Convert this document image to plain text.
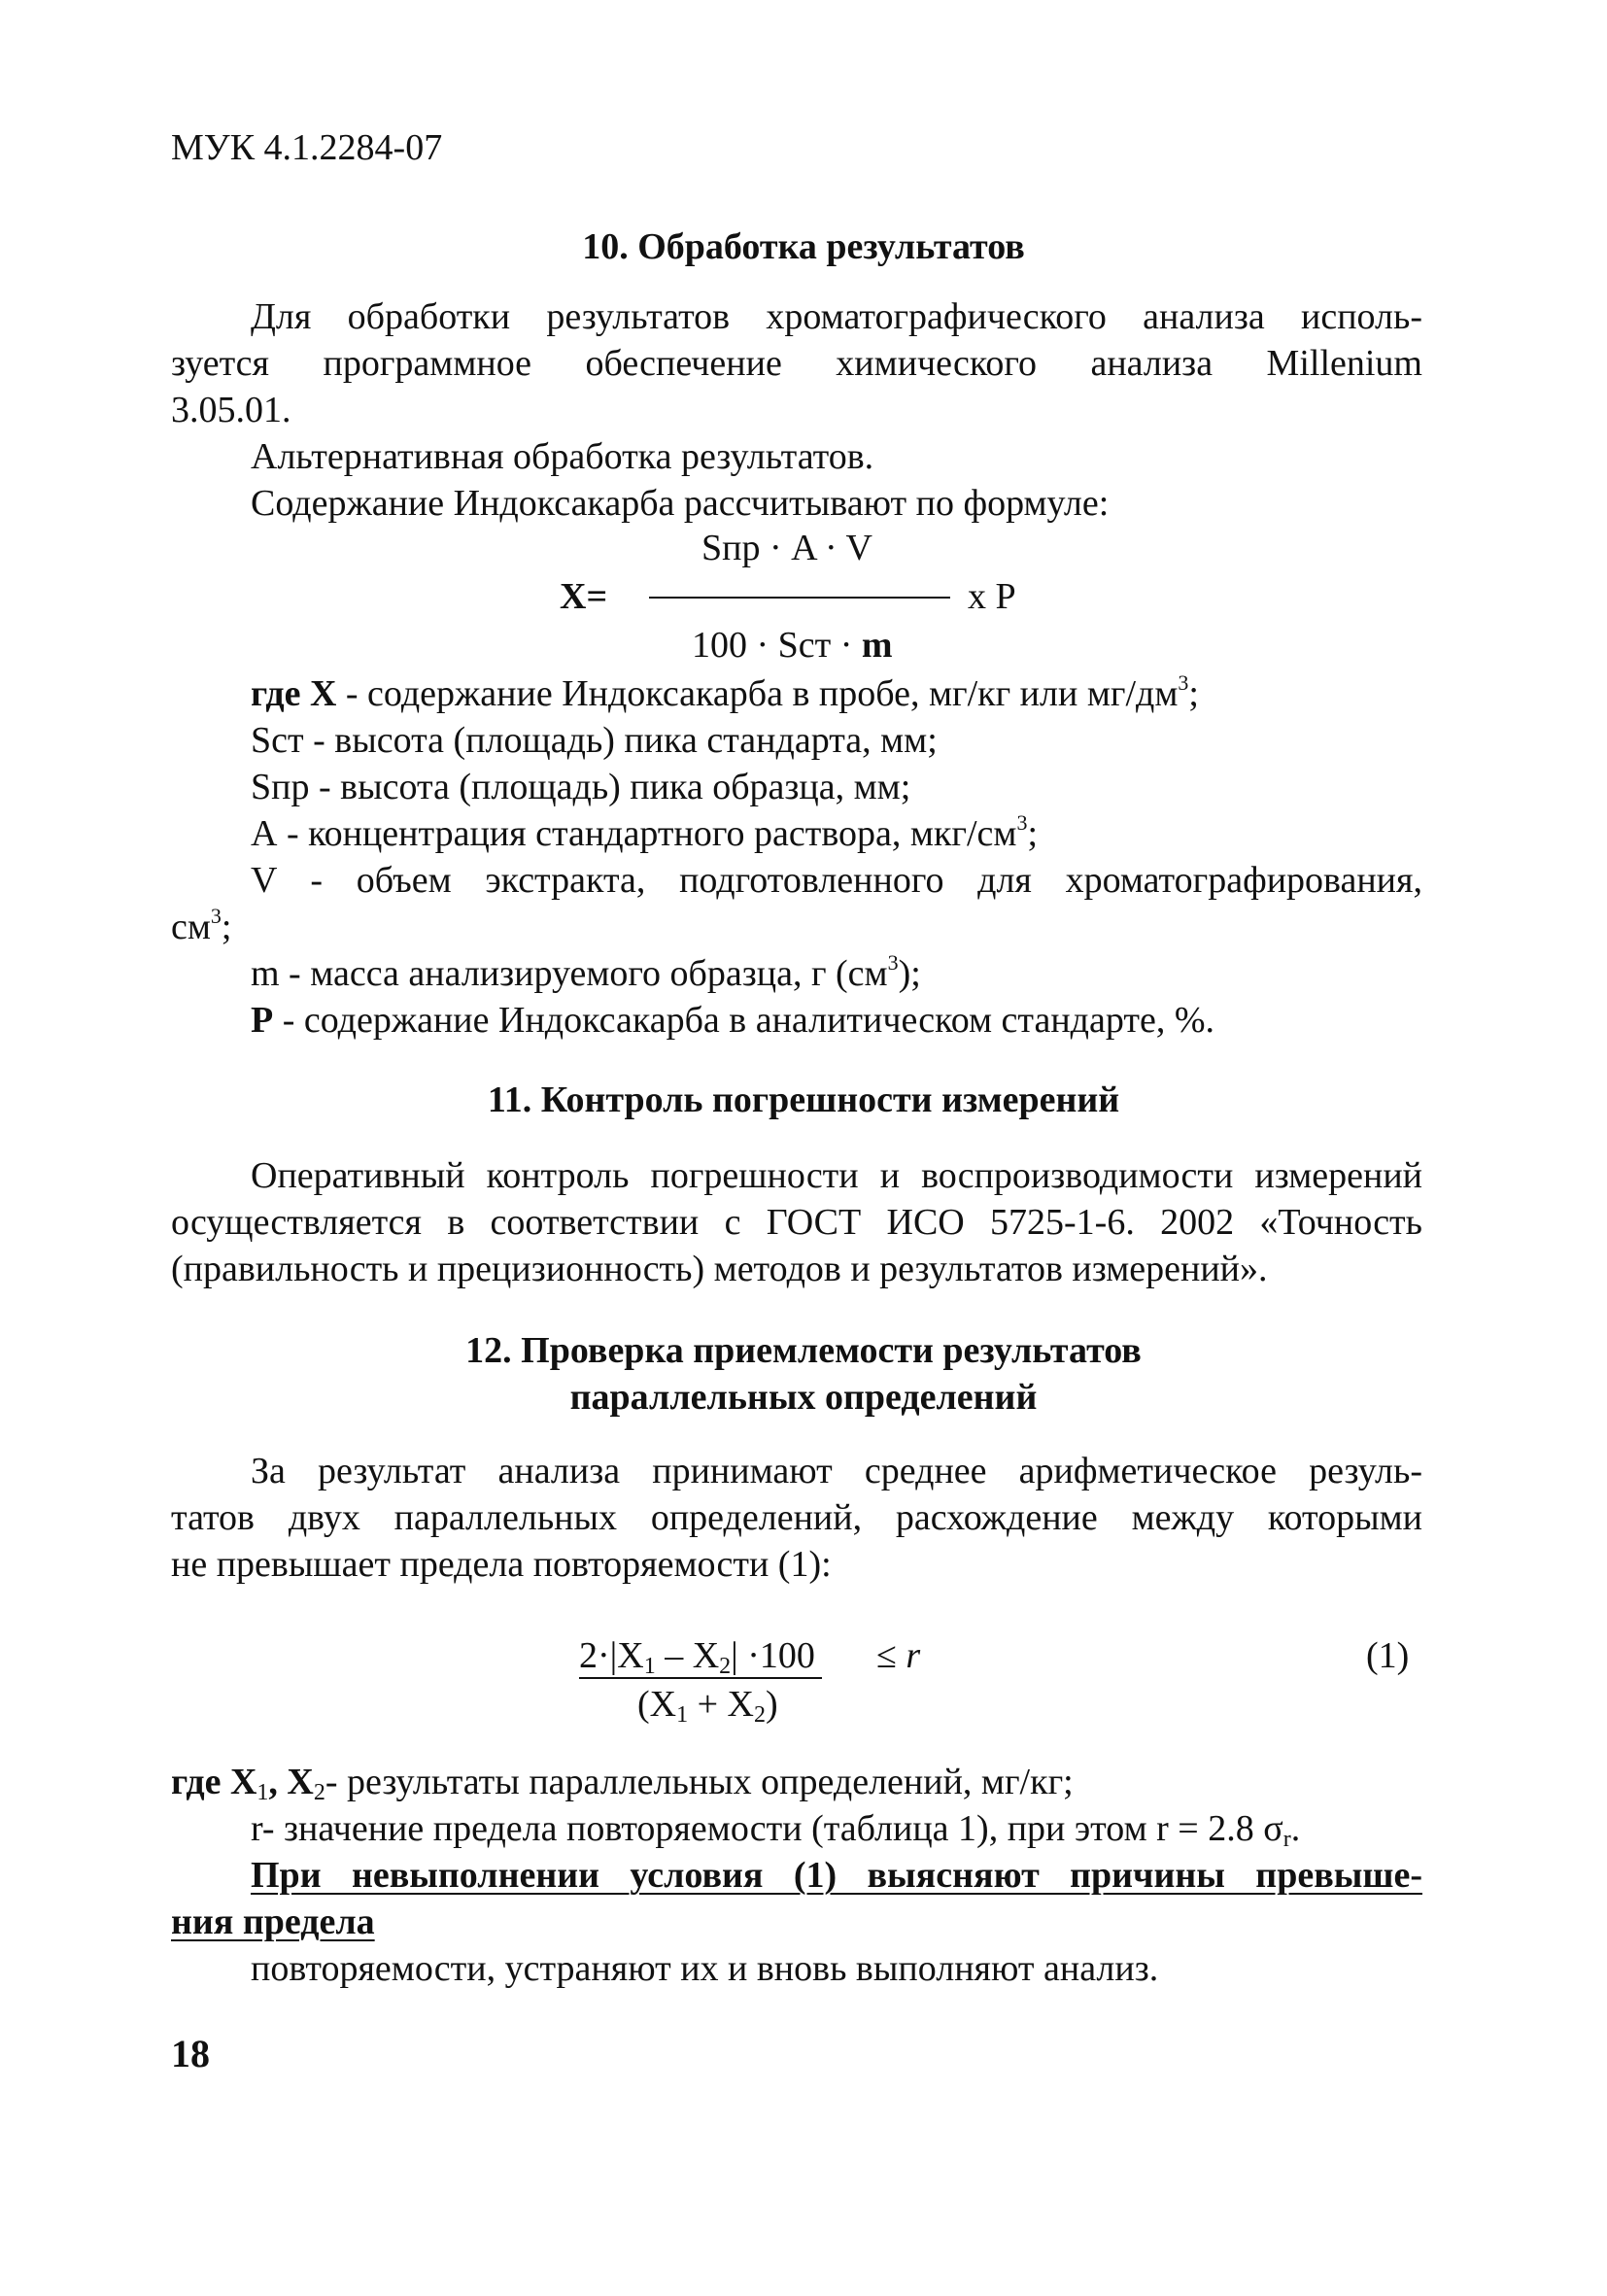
МУК 4.1.2284-07
10. Обработка результатов
Для обработки результатов хроматографического анализа исполь-
зуется программное обеспечение химического анализа Millenium
3.05.01.
Альтернативная обработка результатов.
Содержание Индоксакарба рассчитывают по формуле:
Sпр · A · V
X=	x P
100 · Sст · m
где X - содержание Индоксакарба в пробе, мг/кг или $мг/дм^3$;
Sст - высота (площадь) пика стандарта, мм;
Sпр - высота (площадь) пика образца, мм;
А - концентрация стандартного раствора, мкг/$см^3$;
V - объем экстракта, подготовленного для хроматографирования,
$см^3$;
m - масса анализируемого образца, г $(см^3)$;
Р - содержание Индоксакарба в аналитическом стандарте, %.
11. Контроль погрешности измерений
Оперативный контроль погрешности и воспроизводимости измерений
осуществляется в соответствии с ГОСТ ИСО 5725-1-6. 2002 «Точность
(правильность и прецизионность) методов и результатов измерений».
12. Проверка приемлемости результатов
параллельных определений
За результат анализа принимают среднее арифметическое резуль-
татов двух параллельных определений, расхождение между которыми
не превышает предела повторяемости (1):
$2\cdot|X_1 - X_2| \cdot 100$
$(X_1 + X_2)$
≤ r	(1)
где $X_1$, $X_2-$ результаты параллельных определений, мг/кг;
r- значение предела повторяемости (таблица 1), при этом r = 2.8 $\sigma_r$.
При невыполнении условия (1) выясняют причины превыше-
ния предела
повторяемости, устраняют их и вновь выполняют анализ.
18
